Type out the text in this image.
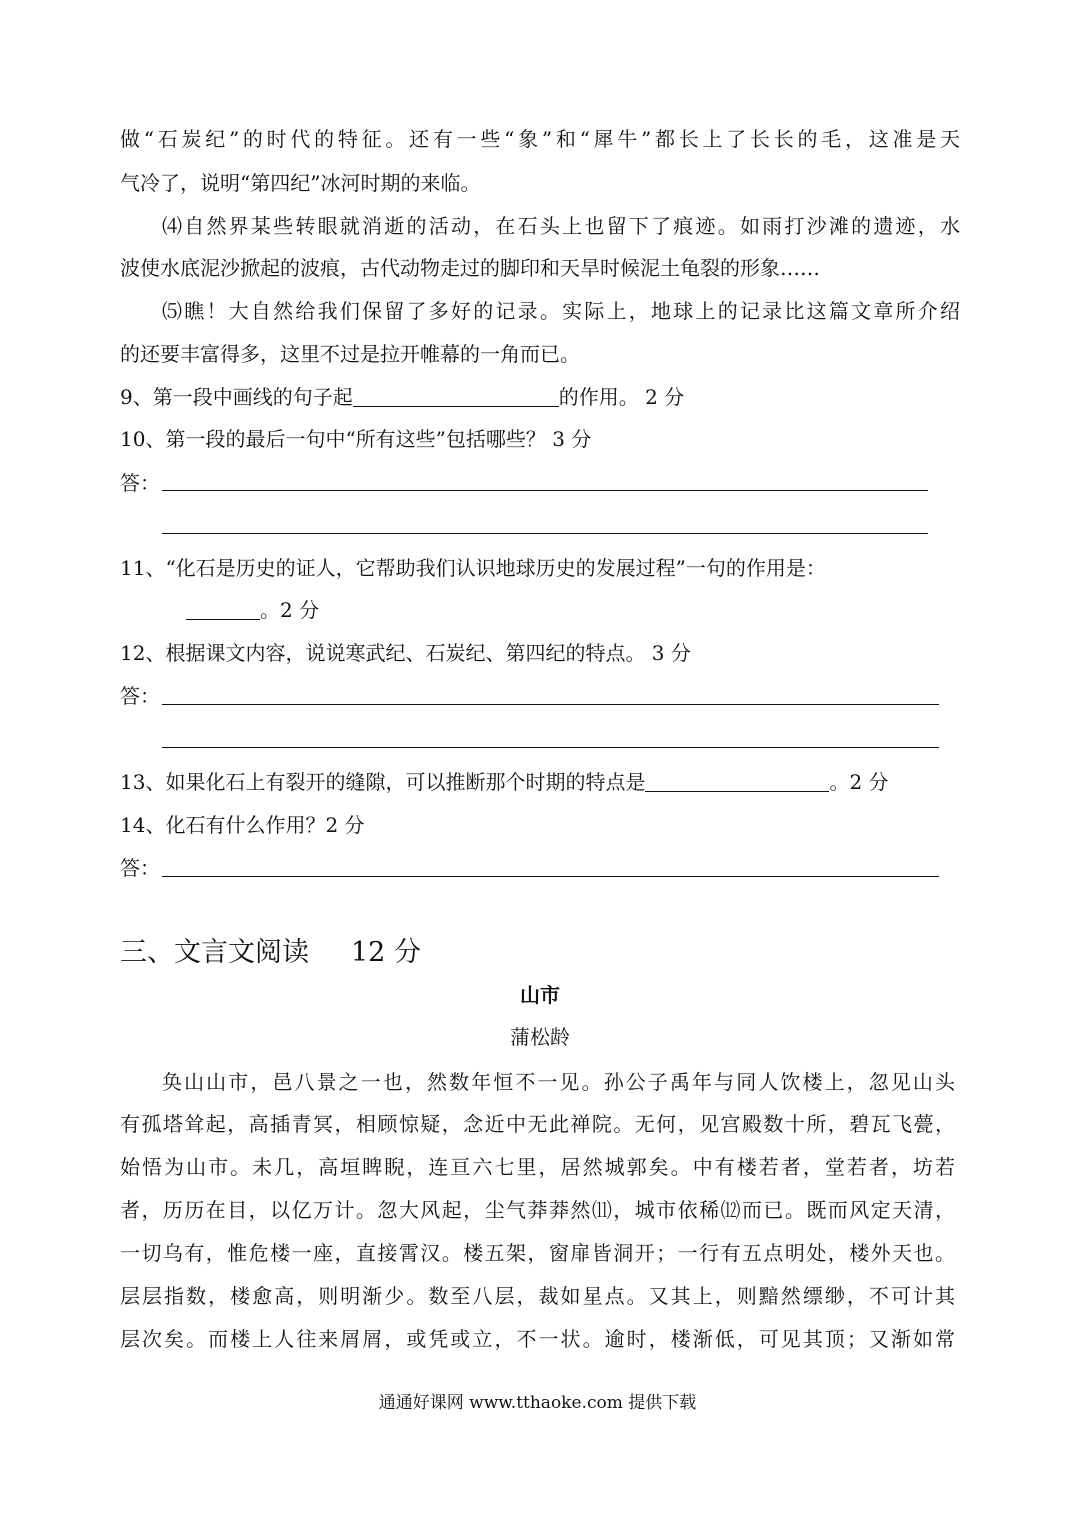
做“石炭纪”的时代的特征。还有一些“象”和“犀牛”都长上了长长的毛，这准是天
气冷了，说明“第四纪”冰河时期的来临。
⑷自然界某些转眼就消逝的活动，在石头上也留下了痕迹。如雨打沙滩的遗迹，水
波使水底泥沙掀起的波痕，古代动物走过的脚印和天旱时候泥土龟裂的形象……
⑸瞧！大自然给我们保留了多好的记录。实际上，地球上的记录比这篇文章所介绍
的还要丰富得多，这里不过是拉开帷幕的一角而已。
9、第一段中画线的句子起	的作用。 2 分
10、第一段的最后一句中“所有这些”包括哪些？ 3 分
答：
11、“化石是历史的证人，它帮助我们认识地球历史的发展过程”一句的作用是：
。2 分
12、根据课文内容，说说寒武纪、石炭纪、第四纪的特点。 3 分
答：
13、如果化石上有裂开的缝隙，可以推断那个时期的特点是	。2 分
14、化石有什么作用？2 分
答：
三、文言文阅读 12 分
山市
蒲松龄
奂山山市，邑八景之一也，然数年恒不一见。孙公子禹年与同人饮楼上，忽见山头
有孤塔耸起，高插青冥，相顾惊疑，念近中无此禅院。无何，见宫殿数十所，碧瓦飞甍，
始悟为山市。未几，高垣睥睨，连亘六七里，居然城郭矣。中有楼若者，堂若者，坊若
者，历历在目，以亿万计。忽大风起，尘气莽莽然⑾，城市依稀⑿而已。既而风定天清，
一切乌有，惟危楼一座，直接霄汉。楼五架，窗扉皆洞开；一行有五点明处，楼外天也。
层层指数，楼愈高，则明渐少。数至八层，裁如星点。又其上，则黯然缥缈，不可计其
层次矣。而楼上人往来屑屑，或凭或立，不一状。逾时，楼渐低，可见其顶；又渐如常
通通好课网 www.tthaoke.com 提供下载
